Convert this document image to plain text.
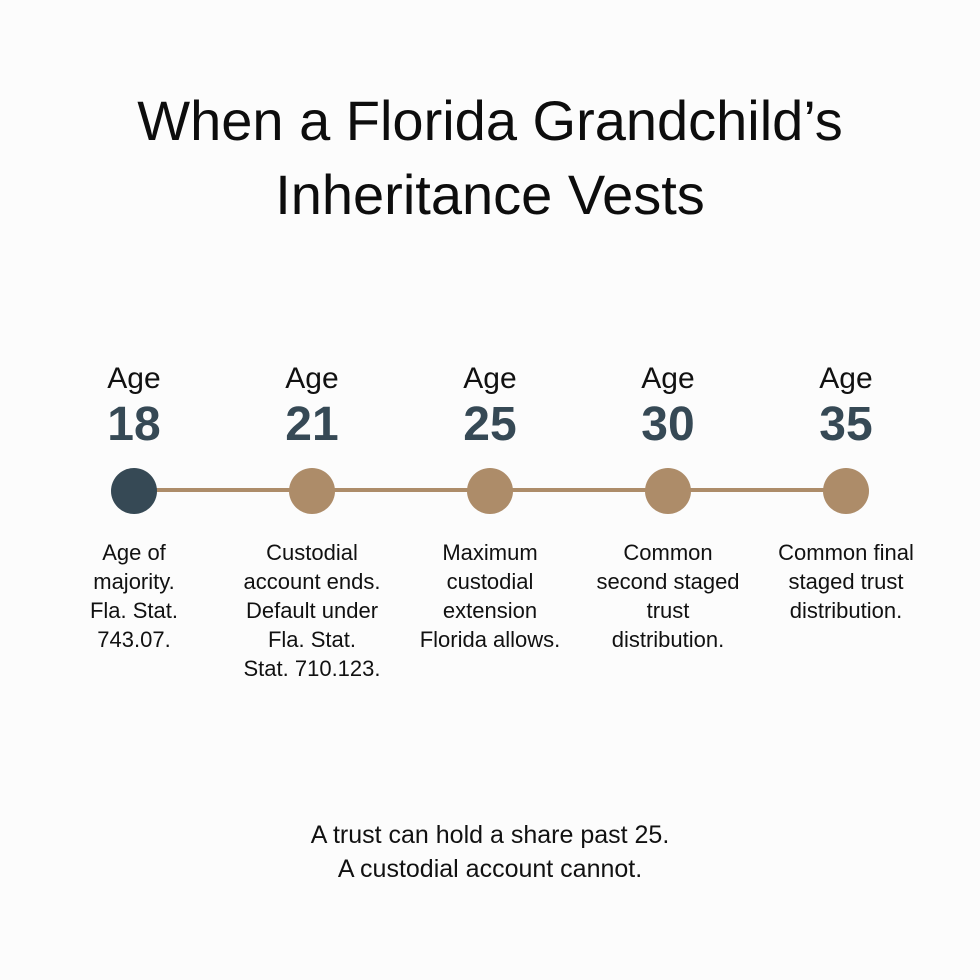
When a Florida Grandchild’s
Inheritance Vests
Age
18
Age of
majority.
Fla. Stat.
743.07.
Age
21
Custodial
account ends.
Default under
Fla. Stat.
Stat. 710.123.
Age
25
Maximum
custodial
extension
Florida allows.
Age
30
Common
second staged
trust
distribution.
Age
35
Common final
staged trust
distribution.
A trust can hold a share past 25.
A custodial account cannot.
